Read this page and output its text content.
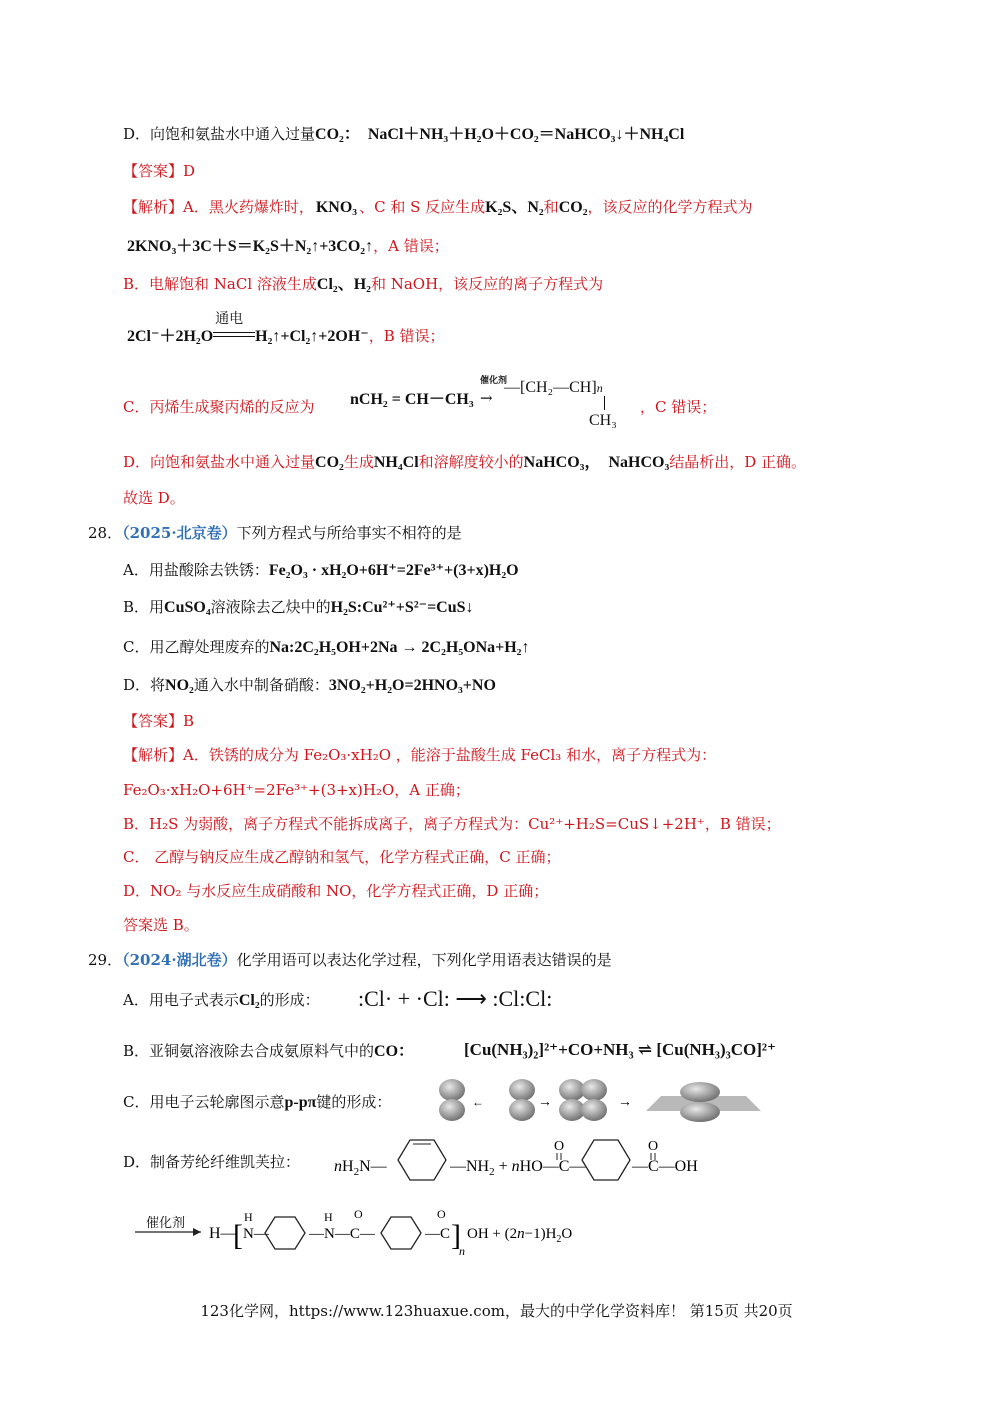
D．向饱和氨盐水中通入过量CO₂： NaCl＋NH₃＋H₂O＋CO₂＝NaHCO₃↓＋NH₄Cl
【答案】D
【解析】A．黑火药爆炸时， KNO₃ 、C 和 S 反应生成K₂S、N₂和CO₂，该反应的化学方程式为
2KNO₃＋3C＋S＝K₂S＋N₂↑+3CO₂↑，A 错误；
B．电解饱和 NaCl 溶液生成Cl₂、H₂和 NaOH，该反应的离子方程式为
2Cl⁻＋2H₂O
通电
H₂↑+Cl₂↑+2OH⁻，B 错误；
C．丙烯生成聚丙烯的反应为 nCH₂ = CH－CH₃
催化剂
→
—[CH₂—CH]n
CH₃
，C 错误；
D．向饱和氨盐水中通入过量CO₂生成NH₄Cl和溶解度较小的NaHCO₃， NaHCO₃结晶析出，D 正确。
故选 D。
28．（2025·北京卷）下列方程式与所给事实不相符的是
A．用盐酸除去铁锈：Fe₂O₃ · xH₂O+6H⁺=2Fe³⁺+(3+x)H₂O
B．用CuSO₄溶液除去乙炔中的H₂S:Cu²⁺+S²⁻=CuS↓
C．用乙醇处理废弃的Na:2C₂H₅OH+2Na → 2C₂H₅ONa+H₂↑
D．将NO₂通入水中制备硝酸：3NO₂+H₂O=2HNO₃+NO
【答案】B
【解析】A．铁锈的成分为 Fe₂O₃·xH₂O ，能溶于盐酸生成 FeCl₃ 和水，离子方程式为：
Fe₂O₃·xH₂O+6H⁺=2Fe³⁺+(3+x)H₂O，A 正确；
B．H₂S 为弱酸，离子方程式不能拆成离子，离子方程式为：Cu²⁺+H₂S=CuS↓+2H⁺，B 错误；
C． 乙醇与钠反应生成乙醇钠和氢气，化学方程式正确，C 正确；
D．NO₂ 与水反应生成硝酸和 NO，化学方程式正确，D 正确；
答案选 B。
29．（2024·湖北卷）化学用语可以表达化学过程，下列化学用语表达错误的是
A．用电子式表示Cl₂的形成： :Cl· + ·Cl: ⟶ :Cl:Cl:
B．亚铜氨溶液除去合成氨原料气中的CO：	[Cu(NH₃)₂]²⁺+CO+NH₃ ⇌ [Cu(NH₃)₃CO]²⁺
C．用电子云轮廓图示意p-pπ键的形成：	←	→	→
D．制备芳纶纤维凯芙拉： $nH_2N—$	$—NH_2$ + nHO—C—
O
—C—OH
O
催化剂
H—
[ N—
H
—N—C—
H O
—C
O
]
n
OH + $(2n-1)H_2O$
123化学网，https://www.123huaxue.com，最大的中学化学资料库！ 第15页 共20页
